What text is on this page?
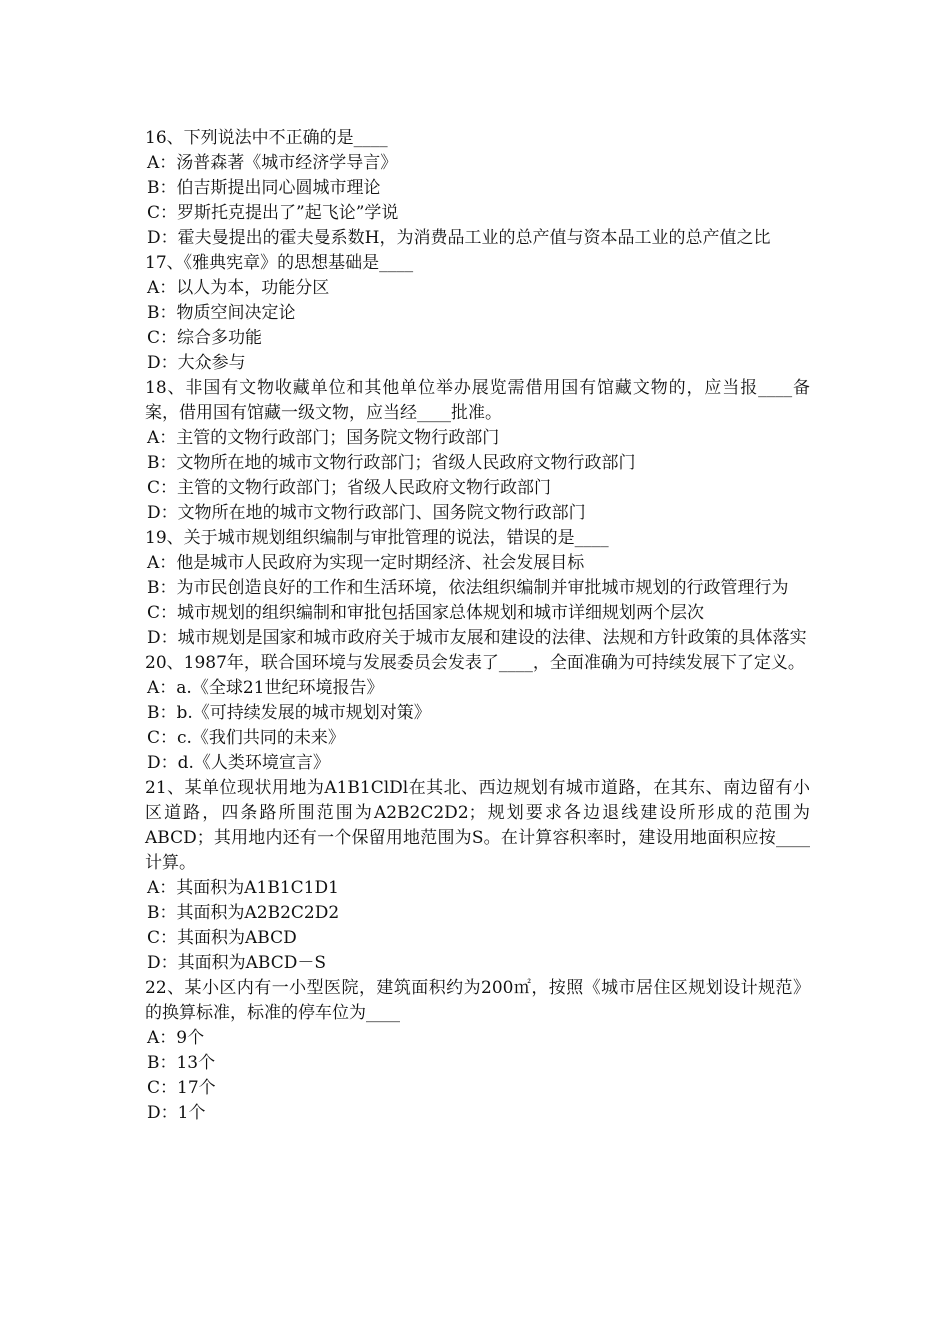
16、下列说法中不正确的是____
A：汤普森著《城市经济学导言》
B：伯吉斯提出同心圆城市理论
C：罗斯托克提出了”起飞论”学说
D：霍夫曼提出的霍夫曼系数H，为消费品工业的总产值与资本品工业的总产值之比
17、《雅典宪章》的思想基础是____
A：以人为本，功能分区
B：物质空间决定论
C：综合多功能
D：大众参与
18、非国有文物收藏单位和其他单位举办展览需借用国有馆藏文物的，应当报____备案，借用国有馆藏一级文物，应当经____批准。
A：主管的文物行政部门；国务院文物行政部门
B：文物所在地的城市文物行政部门；省级人民政府文物行政部门
C：主管的文物行政部门；省级人民政府文物行政部门
D：文物所在地的城市文物行政部门、国务院文物行政部门
19、关于城市规划组织编制与审批管理的说法，错误的是____
A：他是城市人民政府为实现一定时期经济、社会发展目标
B：为市民创造良好的工作和生活环境，依法组织编制并审批城市规划的行政管理行为
C：城市规划的组织编制和审批包括国家总体规划和城市详细规划两个层次
D：城市规划是国家和城市政府关于城市友展和建设的法律、法规和方针政策的具体落实
20、1987年，联合国环境与发展委员会发表了____，全面准确为可持续发展下了定义。
A：a.《全球21世纪环境报告》
B：b.《可持续发展的城市规划对策》
C：c.《我们共同的未来》
D：d.《人类环境宣言》
21、某单位现状用地为A1B1ClDl在其北、西边规划有城市道路，在其东、南边留有小区道路，四条路所围范围为A2B2C2D2；规划要求各边退线建设所形成的范围为ABCD；其用地内还有一个保留用地范围为S。在计算容积率时，建设用地面积应按____计算。
A：其面积为A1B1C1D1
B：其面积为A2B2C2D2
C：其面积为ABCD
D：其面积为ABCD－S
22、某小区内有一小型医院，建筑面积约为200㎡，按照《城市居住区规划设计规范》的换算标准，标准的停车位为____
A：9个
B：13个
C：17个
D：1个
